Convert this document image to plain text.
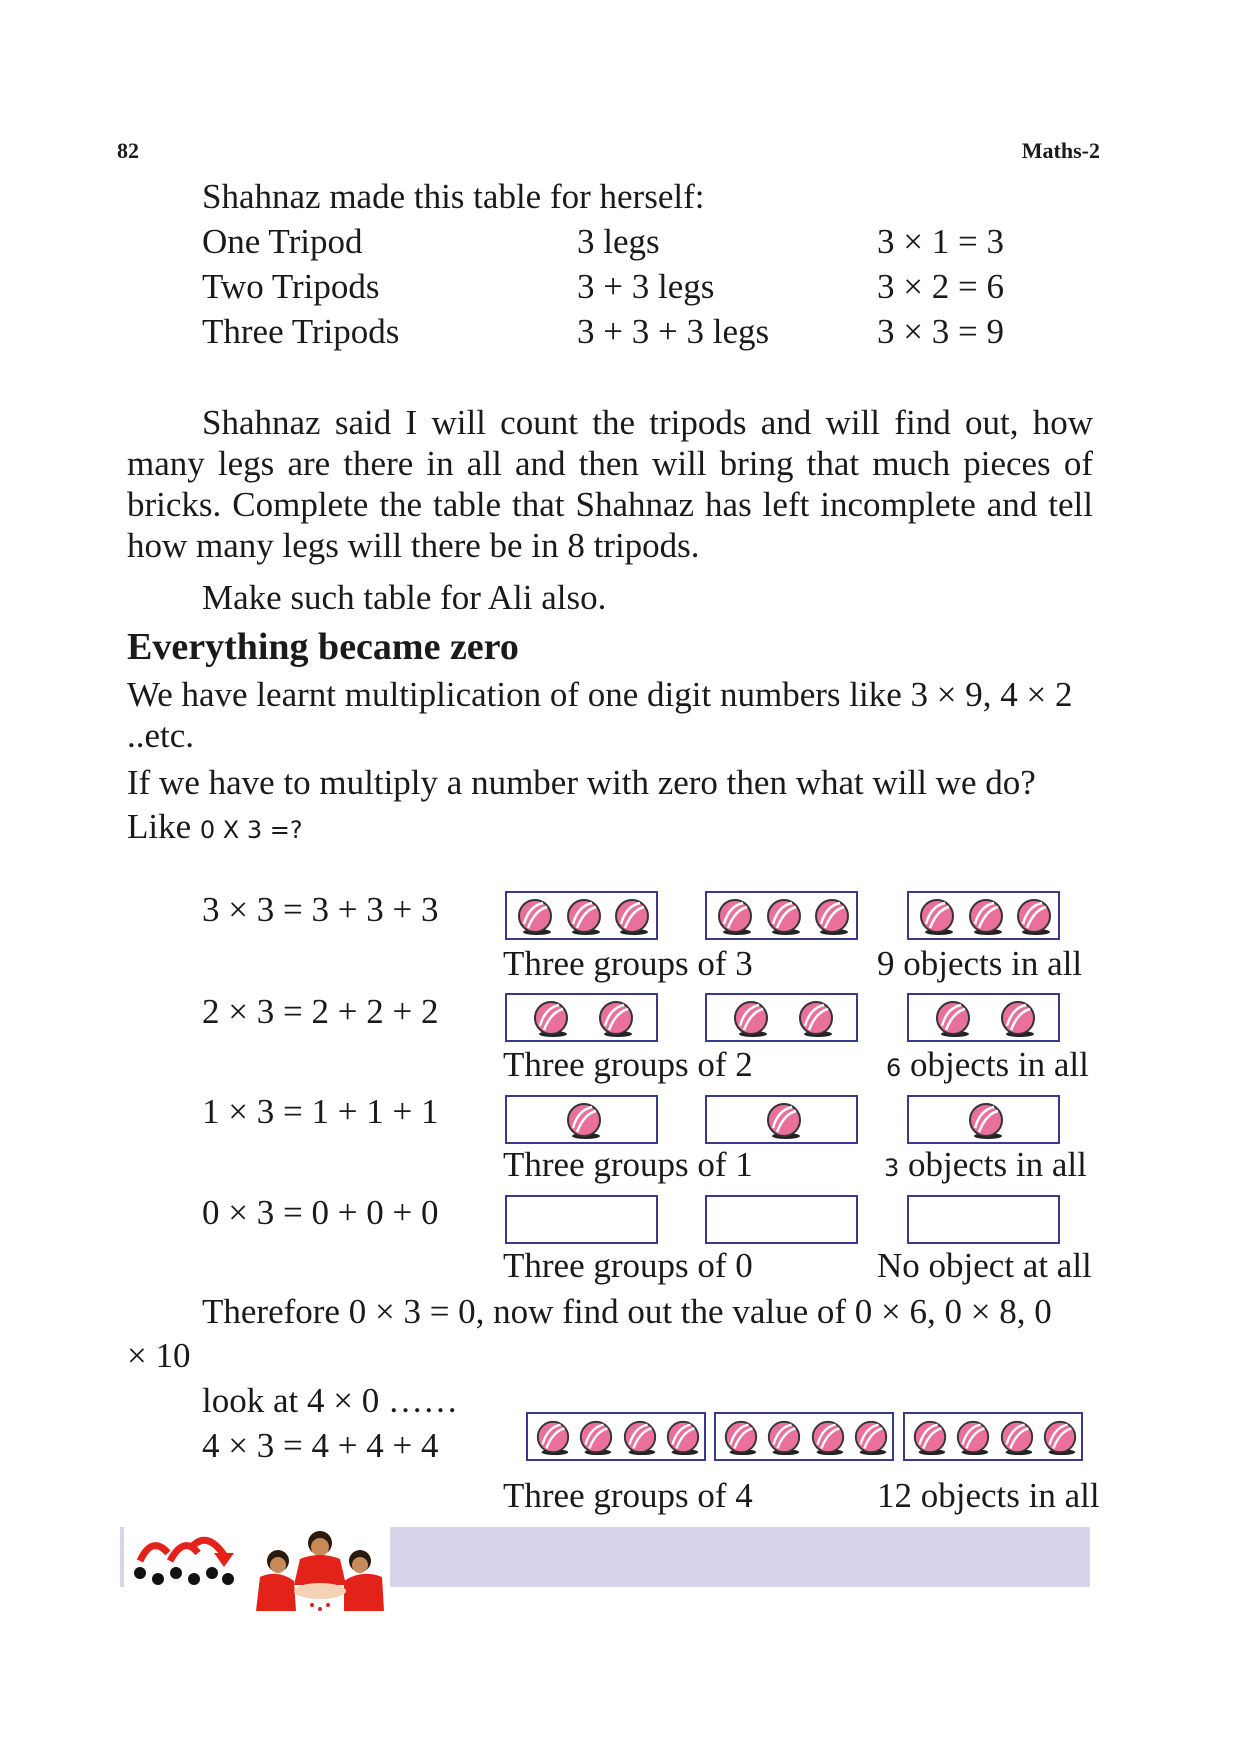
82	Maths-2
Shahnaz made this table for herself:
One Tripod	3 legs	3 × 1 = 3
Two Tripods	3 + 3 legs	3 × 2 = 6
Three Tripods	3 + 3 + 3 legs	3 × 3 = 9
Shahnaz said I will count the tripods and will find out, how many legs are there in all and then will bring that much pieces of bricks. Complete the table that Shahnaz has left incomplete and tell how many legs will there be in 8 tripods.
Make such table for Ali also.
Everything became zero
We have learnt multiplication of one digit numbers like 3 × 9, 4 × 2 ..etc.
If we have to multiply a number with zero then what will we do?
Like 0 X 3 =?
3 × 3 = 3 + 3 + 3
Three groups of 3	9 objects in all
2 × 3 = 2 + 2 + 2
Three groups of 2	6 objects in all
1 × 3 = 1 + 1 + 1
Three groups of 1	3 objects in all
0 × 3 = 0 + 0 + 0
Three groups of 0	No object at all
Therefore 0 × 3 = 0, now find out the value of 0 × 6, 0 × 8, 0
× 10
look at 4 × 0 ……
4 × 3 = 4 + 4 + 4
Three groups of 4	12 objects in all
